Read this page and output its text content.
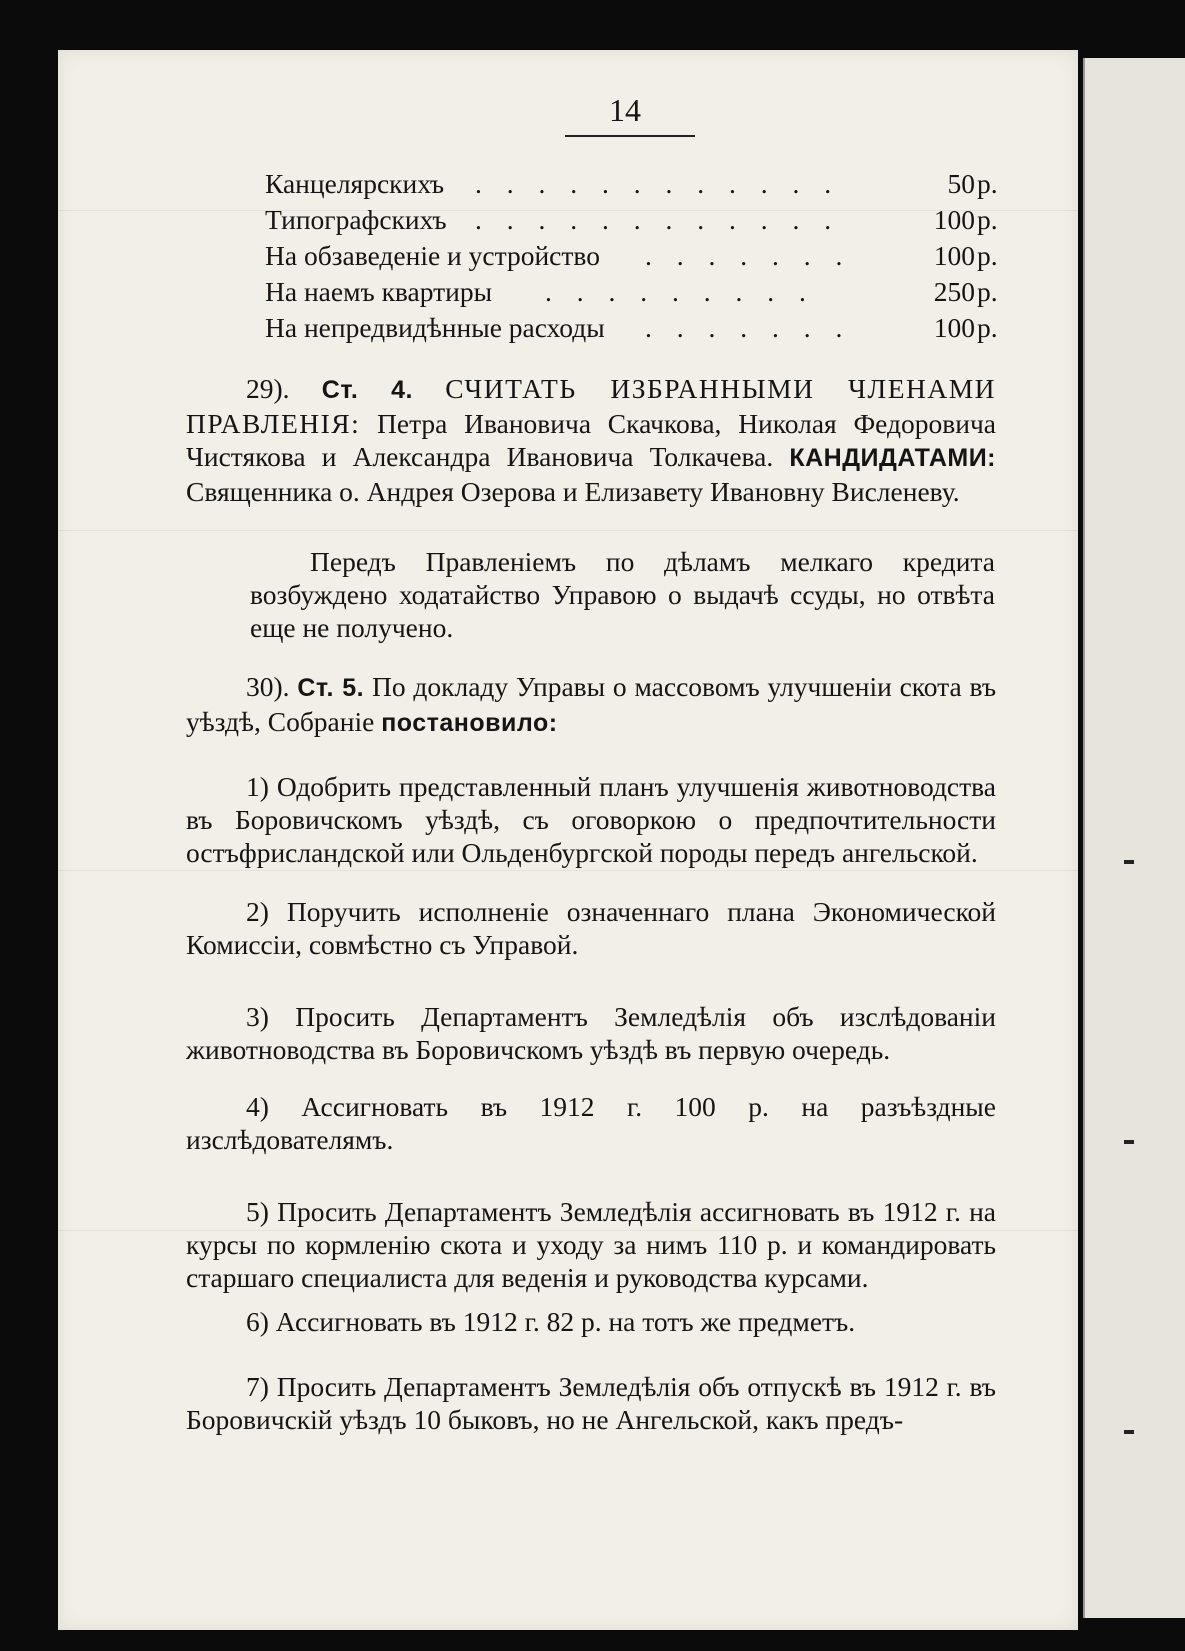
14
Канцелярскихъ . . . . . . . . . . . .	50 р.
Типографскихъ . . . . . . . . . . . .	100 р.
На обзаведеніе и устройство . . . . . . .	100 р.
На наемъ квартиры . . . . . . . . .	250 р.
На непредвидѣнные расходы . . . . . . .	100 р.
29). Ст. 4. СЧИТАТЬ ИЗБРАННЫМИ ЧЛЕНАМИ ПРАВЛЕНІЯ: Петра Ивановича Скачкова, Николая Федоровича Чистякова и Александра Ивановича Толкачева. КАНДИДАТАМИ: Священника о. Андрея Озерова и Елизавету Ивановну Висленеву.
Передъ Правленіемъ по дѣламъ мелкаго кредита возбуждено ходатайство Управою о выдачѣ ссуды, но отвѣта еще не получено.
30). Ст. 5. По докладу Управы о массовомъ улучшеніи скота въ уѣздѣ, Собраніе постановило:
1) Одобрить представленный планъ улучшенія животноводства въ Боровичскомъ уѣздѣ, съ оговоркою о предпочтительности остъфрисландской или Ольденбургской породы передъ ангельской.
2) Поручить исполненіе означеннаго плана Экономической Комиссіи, совмѣстно съ Управой.
3) Просить Департаментъ Земледѣлія объ изслѣдованіи животноводства въ Боровичскомъ уѣздѣ въ первую очередь.
4) Ассигновать въ 1912 г. 100 р. на разъѣздные изслѣдователямъ.
5) Просить Департаментъ Земледѣлія ассигновать въ 1912 г. на курсы по кормленію скота и уходу за нимъ 110 р. и командировать старшаго специалиста для веденія и руководства курсами.
6) Ассигновать въ 1912 г. 82 р. на тотъ же предметъ.
7) Просить Департаментъ Земледѣлія объ отпускѣ въ 1912 г. въ Боровичскій уѣздъ 10 быковъ, но не Ангельской, какъ предъ-
